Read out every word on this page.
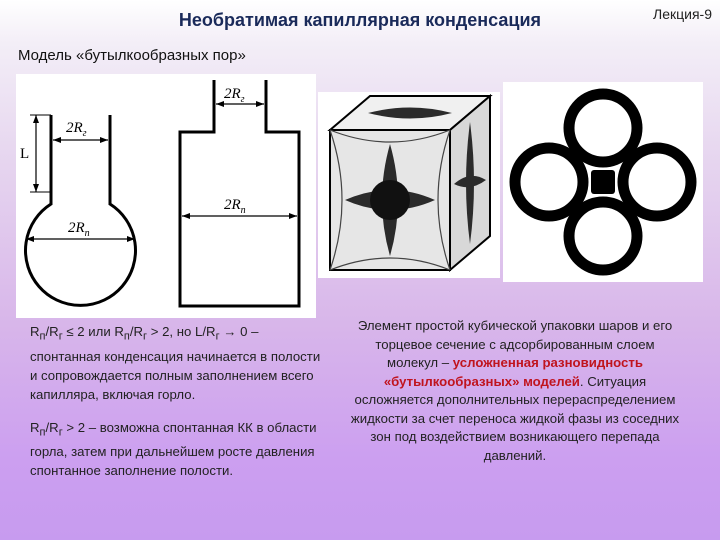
Необратимая капиллярная конденсация	Лекция-9
Модель «бутылкообразных пор»
L
$2R_г$
$2R_п$
$2R_г$
$2R_п$

$R_п/R_г \le 2$ или $R_п/R_г > 2$, но $L/R_г \to 0$ – спонтанная конденсация начинается в полости и сопровождается полным заполнением всего капилляра, включая горло.

$R_п/R_г > 2$ – возможна спонтанная КК в области горла, затем при дальнейшем росте давления спонтанное заполнение полости.

Элемент простой кубической упаковки шаров и его торцевое сечение с адсорбированным слоем молекул – усложненная разновидность «бутылкообразных» моделей. Ситуация осложняется дополнительных перераспределением жидкости за счет переноса жидкой фазы из соседних зон под воздействием возникающего перепада давлений.
